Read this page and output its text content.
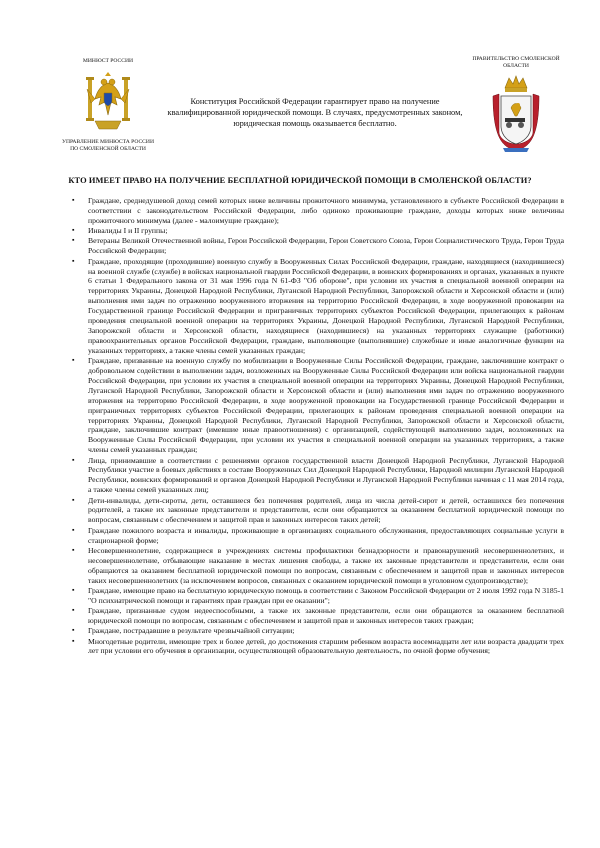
МИНЮСТ РОССИИ
УПРАВЛЕНИЕ МИНЮСТА РОССИИ ПО СМОЛЕНСКОЙ ОБЛАСТИ
Конституция Российской Федерации гарантирует право на получение квалифицированной юридической помощи. В случаях, предусмотренных законом, юридическая помощь оказывается бесплатно.
ПРАВИТЕЛЬСТВО СМОЛЕНСКОЙ ОБЛАСТИ
КТО ИМЕЕТ ПРАВО НА ПОЛУЧЕНИЕ БЕСПЛАТНОЙ ЮРИДИЧЕСКОЙ ПОМОЩИ В СМОЛЕНСКОЙ ОБЛАСТИ?
▪ Граждане, среднедушевой доход семей которых ниже величины прожиточного минимума, установленного в субъекте Российской Федерации в соответствии с законодательством Российской Федерации, либо одиноко проживающие граждане, доходы которых ниже величины прожиточного минимума (далее - малоимущие граждане);
▪ Инвалиды I и II группы;
▪ Ветераны Великой Отечественной войны, Герои Российской Федерации, Герои Советского Союза, Герои Социалистического Труда, Герои Труда Российской Федерации;
▪ Граждане, проходящие (проходившие) военную службу в Вооруженных Силах Российской Федерации, граждане, находящиеся (находившиеся) на военной службе (службе) в войсках национальной гвардии Российской Федерации, в воинских формированиях и органах, указанных в пункте 6 статьи 1 Федерального закона от 31 мая 1996 года N 61-ФЗ "Об обороне", при условии их участия в специальной военной операции на территориях Украины, Донецкой Народной Республики, Луганской Народной Республики, Запорожской области и Херсонской области и (или) выполнения ими задач по отражению вооруженного вторжения на территорию Российской Федерации, в ходе вооруженной провокации на Государственной границе Российской Федерации и приграничных территориях субъектов Российской Федерации, прилегающих к районам проведения специальной военной операции на территориях Украины, Донецкой Народной Республики, Луганской Народной Республики, Запорожской области и Херсонской области, находящиеся (находившиеся) на указанных территориях служащие (работники) правоохранительных органов Российской Федерации, граждане, выполняющие (выполнявшие) служебные и иные аналогичные функции на указанных территориях, а также члены семей указанных граждан;
▪ Граждане, призванные на военную службу по мобилизации в Вооруженные Силы Российской Федерации, граждане, заключившие контракт о добровольном содействии в выполнении задач, возложенных на Вооруженные Силы Российской Федерации или войска национальной гвардии Российской Федерации, при условии их участия в специальной военной операции на территориях Украины, Донецкой Народной Республики, Луганской Народной Республики, Запорожской области и Херсонской области и (или) выполнения ими задач по отражению вооруженного вторжения на территорию Российской Федерации, в ходе вооруженной провокации на Государственной границе Российской Федерации и приграничных территориях субъектов Российской Федерации, прилегающих к районам проведения специальной военной операции на территориях Украины, Донецкой Народной Республики, Луганской Народной Республики, Запорожской области и Херсонской области, граждане, заключившие контракт (имевшие иные правоотношения) с организацией, содействующей выполнению задач, возложенных на Вооруженные Силы Российской Федерации, при условии их участия в специальной военной операции на указанных территориях, а также члены семей указанных граждан;
▪ Лица, принимавшие в соответствии с решениями органов государственной власти Донецкой Народной Республики, Луганской Народной Республики участие в боевых действиях в составе Вооруженных Сил Донецкой Народной Республики, Народной милиции Луганской Народной Республики, воинских формирований и органов Донецкой Народной Республики и Луганской Народной Республики начиная с 11 мая 2014 года, а также члены семей указанных лиц;
▪ Дети-инвалиды, дети-сироты, дети, оставшиеся без попечения родителей, лица из числа детей-сирот и детей, оставшихся без попечения родителей, а также их законные представители и представители, если они обращаются за оказанием бесплатной юридической помощи по вопросам, связанным с обеспечением и защитой прав и законных интересов таких детей;
▪ Граждане пожилого возраста и инвалиды, проживающие в организациях социального обслуживания, предоставляющих социальные услуги в стационарной форме;
▪ Несовершеннолетние, содержащиеся в учреждениях системы профилактики безнадзорности и правонарушений несовершеннолетних, и несовершеннолетние, отбывающие наказание в местах лишения свободы, а также их законные представители и представители, если они обращаются за оказанием бесплатной юридической помощи по вопросам, связанным с обеспечением и защитой прав и законных интересов таких несовершеннолетних (за исключением вопросов, связанных с оказанием юридической помощи в уголовном судопроизводстве);
▪ Граждане, имеющие право на бесплатную юридическую помощь в соответствии с Законом Российской Федерации от 2 июля 1992 года N 3185-1 "О психиатрической помощи и гарантиях прав граждан при ее оказании";
▪ Граждане, признанные судом недееспособными, а также их законные представители, если они обращаются за оказанием бесплатной юридической помощи по вопросам, связанным с обеспечением и защитой прав и законных интересов таких граждан;
▪ Граждане, пострадавшие в результате чрезвычайной ситуации;
▪ Многодетные родители, имеющие трех и более детей, до достижения старшим ребенком возраста восемнадцати лет или возраста двадцати трех лет при условии его обучения в организации, осуществляющей образовательную деятельность, по очной форме обучения;
